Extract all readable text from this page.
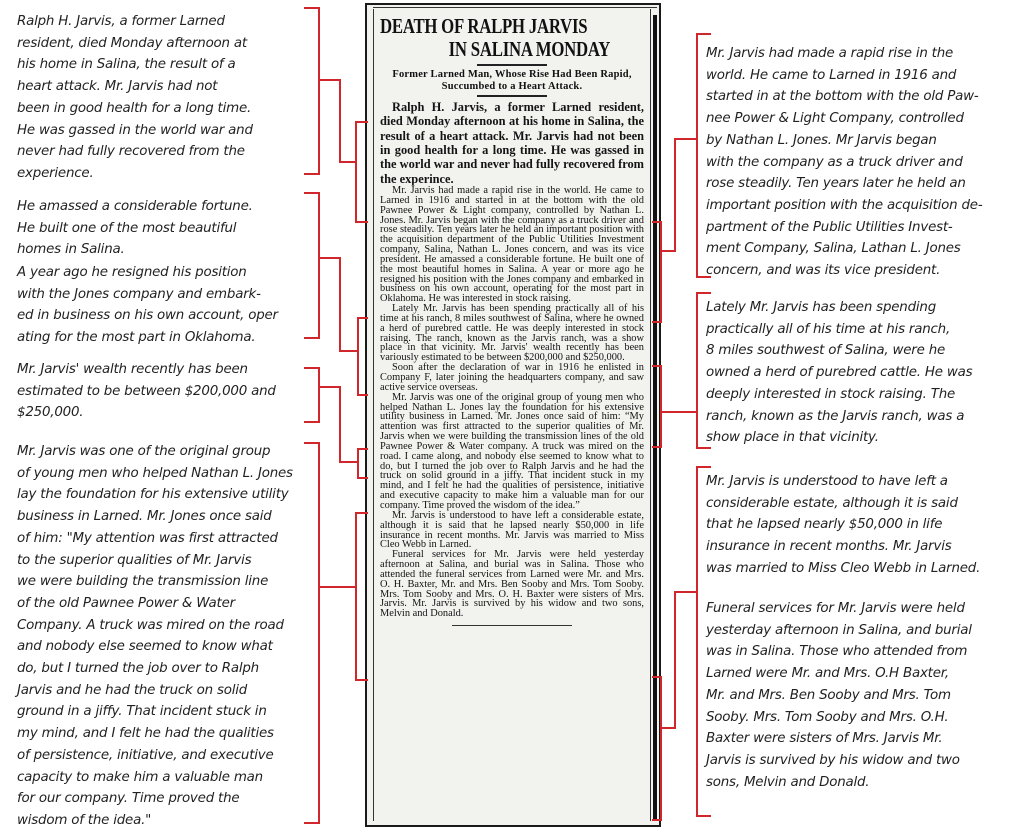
Ralph H. Jarvis, a former Larned
resident, died Monday afternoon at
his home in Salina, the result of a
heart attack. Mr. Jarvis had not
been in good health for a long time.
He was gassed in the world war and
never had fully recovered from the
experience.
He amassed a considerable fortune.
He built one of the most beautiful
homes in Salina.
A year ago he resigned his position
with the Jones company and embark-
ed in business on his own account, oper
ating for the most part in Oklahoma.
Mr. Jarvis' wealth recently has been
estimated to be between $200,000 and
$250,000.
Mr. Jarvis was one of the original group
of young men who helped Nathan L. Jones
lay the foundation for his extensive utility
business in Larned. Mr. Jones once said
of him: "My attention was first attracted
to the superior qualities of Mr. Jarvis
we were building the transmission line
of the old Pawnee Power & Water
Company. A truck was mired on the road
and nobody else seemed to know what
do, but I turned the job over to Ralph
Jarvis and he had the truck on solid
ground in a jiffy. That incident stuck in
my mind, and I felt he had the qualities
of persistence, initiative, and executive
capacity to make him a valuable man
for our company. Time proved the
wisdom of the idea."
Mr. Jarvis had made a rapid rise in the
world. He came to Larned in 1916 and
started in at the bottom with the old Paw-
nee Power & Light Company, controlled
by Nathan L. Jones. Mr Jarvis began
with the company as a truck driver and
rose steadily. Ten years later he held an
important position with the acquisition de-
partment of the Public Utilities Invest-
ment Company, Salina, Lathan L. Jones
concern, and was its vice president.
Lately Mr. Jarvis has been spending
practically all of his time at his ranch,
8 miles southwest of Salina, were he
owned a herd of purebred cattle. He was
deeply interested in stock raising. The
ranch, known as the Jarvis ranch, was a
show place in that vicinity.
Mr. Jarvis is understood to have left a
considerable estate, although it is said
that he lapsed nearly $50,000 in life
insurance in recent months. Mr. Jarvis
was married to Miss Cleo Webb in Larned.
Funeral services for Mr. Jarvis were held
yesterday afternoon in Salina, and burial
was in Salina. Those who attended from
Larned were Mr. and Mrs. O.H Baxter,
Mr. and Mrs. Ben Sooby and Mrs. Tom
Sooby. Mrs. Tom Sooby and Mrs. O.H.
Baxter were sisters of Mrs. Jarvis Mr.
Jarvis is survived by his widow and two
sons, Melvin and Donald.
DEATH OF RALPH JARVIS
IN SALINA MONDAY
Former Larned Man, Whose Rise Had Been Rapid, Succumbed to a Heart Attack.

Ralph H. Jarvis, a former Larned resident, died Monday afternoon at his home in Salina, the result of a heart attack. Mr. Jarvis had not been in good health for a long time. He was gassed in the world war and never had fully recovered from the experince.

Mr. Jarvis had made a rapid rise in the world. He came to Larned in 1916 and started in at the bottom with the old Pawnee Power & Light company, controlled by Nathan L. Jones. Mr. Jarvis began with the company as a truck driver and rose steadily. Ten years later he held an important position with the acquisition department of the Public Utilities Investment company, Salina, Nathan L. Jones concern, and was its vice president. He amassed a considerable fortune. He built one of the most beautiful homes in Salina. A year or more ago he resigned his position with the Jones company and embarked in business on his own account, operating for the most part in Oklahoma. He was interested in stock raising.

Lately Mr. Jarvis has been spending practically all of his time at his ranch, 8 miles southwest of Salina, where he owned a herd of purebred cattle. He was deeply interested in stock raising. The ranch, known as the Jarvis ranch, was a show place in that vicinity. Mr. Jarvis' wealth recently has been variously estimated to be between $200,000 and $250,000.

Soon after the declaration of war in 1916 he enlisted in Company F, later joining the headquarters company, and saw active service overseas.

Mr. Jarvis was one of the original group of young men who helped Nathan L. Jones lay the foundation for his extensive utility business in Larned. Mr. Jones once said of him: “My attention was first attracted to the superior qualities of Mr. Jarvis when we were building the transmission lines of the old Pawnee Power & Water company. A truck was mired on the road. I came along, and nobody else seemed to know what to do, but I turned the job over to Ralph Jarvis and he had the truck on solid ground in a jiffy. That incident stuck in my mind, and I felt he had the qualities of persistence, initiative and executive capacity to make him a valuable man for our company. Time proved the wisdom of the idea.”

Mr. Jarvis is understood to have left a considerable estate, although it is said that he lapsed nearly $50,000 in life insurance in recent months. Mr. Jarvis was married to Miss Cleo Webb in Larned.

Funeral services for Mr. Jarvis were held yesterday afternoon at Salina, and burial was in Salina. Those who attended the funeral services from Larned were Mr. and Mrs. O. H. Baxter, Mr. and Mrs. Ben Sooby and Mrs. Tom Sooby. Mrs. Tom Sooby and Mrs. O. H. Baxter were sisters of Mrs. Jarvis. Mr. Jarvis is survived by his widow and two sons, Melvin and Donald.
